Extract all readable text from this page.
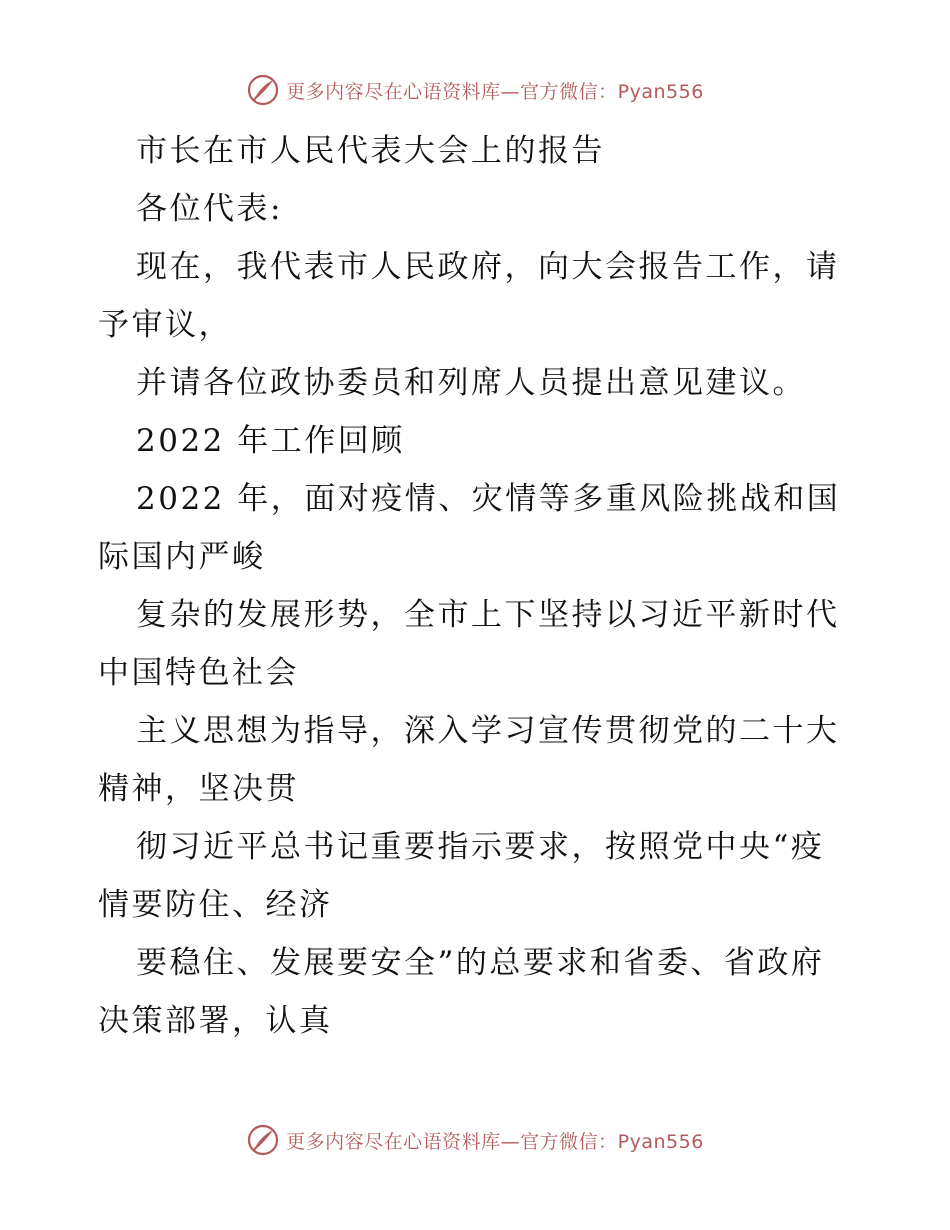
更多内容尽在心语资料库—官方微信：Pyan556
市长在市人民代表大会上的报告
各位代表:
现在，我代表市人民政府，向大会报告工作，请
予审议，
并请各位政协委员和列席人员提出意见建议。
2022 年工作回顾
2022 年，面对疫情、灾情等多重风险挑战和国
际国内严峻
复杂的发展形势，全市上下坚持以习近平新时代
中国特色社会
主义思想为指导，深入学习宣传贯彻党的二十大
精神，坚决贯
彻习近平总书记重要指示要求，按照党中央“疫
情要防住、经济
要稳住、发展要安全”的总要求和省委、省政府
决策部署，认真
更多内容尽在心语资料库—官方微信：Pyan556
